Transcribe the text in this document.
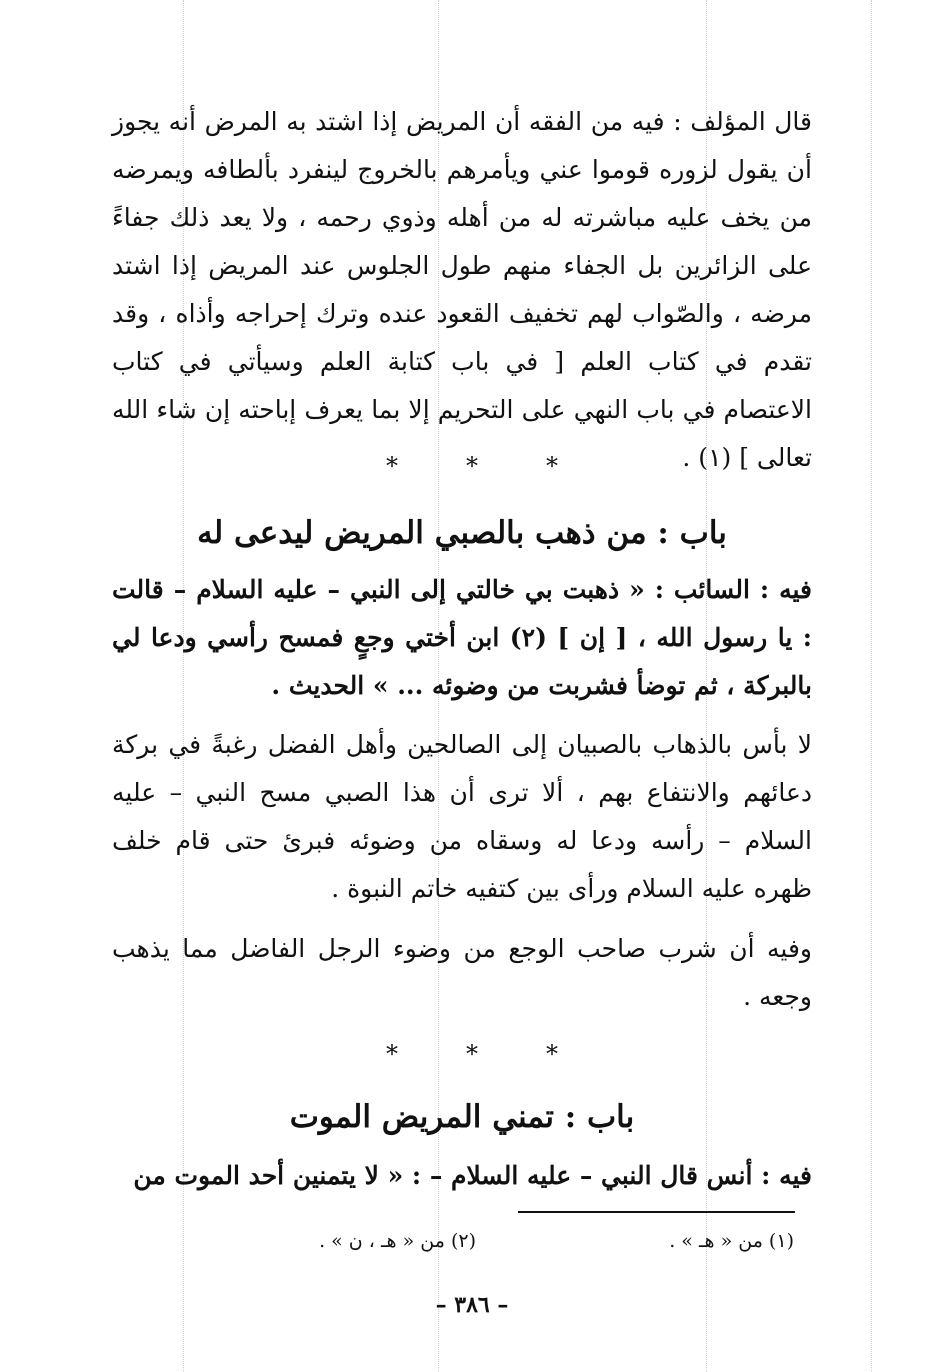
قال المؤلف : فيه من الفقه أن المريض إذا اشتد به المرض أنه يجوز أن يقول لزوره قوموا عني ويأمرهم بالخروج لينفرد بألطافه ويمرضه من يخف عليه مباشرته له من أهله وذوي رحمه ، ولا يعد ذلك جفاءً على الزائرين بل الجفاء منهم طول الجلوس عند المريض إذا اشتد مرضه ، والصّواب لهم تخفيف القعود عنده وترك إحراجه وأذاه ، وقد تقدم في كتاب العلم [ في باب كتابة العلم وسيأتي في كتاب الاعتصام في باب النهي على التحريم إلا بما يعرف إباحته إن شاء الله تعالى ] (١) .

*	*	*
باب : من ذهب بالصبي المريض ليدعى له

فيه : السائب : « ذهبت بي خالتي إلى النبي – عليه السلام – قالت : يا رسول الله ، [ إن ] (٢) ابن أختي وجعٍ فمسح رأسي ودعا لي بالبركة ، ثم توضأ فشربت من وضوئه ... » الحديث .

لا بأس بالذهاب بالصبيان إلى الصالحين وأهل الفضل رغبةً في بركة دعائهم والانتفاع بهم ، ألا ترى أن هذا الصبي مسح النبي – عليه السلام – رأسه ودعا له وسقاه من وضوئه فبرئ حتى قام خلف ظهره عليه السلام ورأى بين كتفيه خاتم النبوة .

وفيه أن شرب صاحب الوجع من وضوء الرجل الفاضل مما يذهب وجعه .

*	*	*
باب : تمني المريض الموت

فيه : أنس قال النبي – عليه السلام – : « لا يتمنين أحد الموت من

(١) من « هـ » .
(٢) من « هـ ، ن » .
– ٣٨٦ –
